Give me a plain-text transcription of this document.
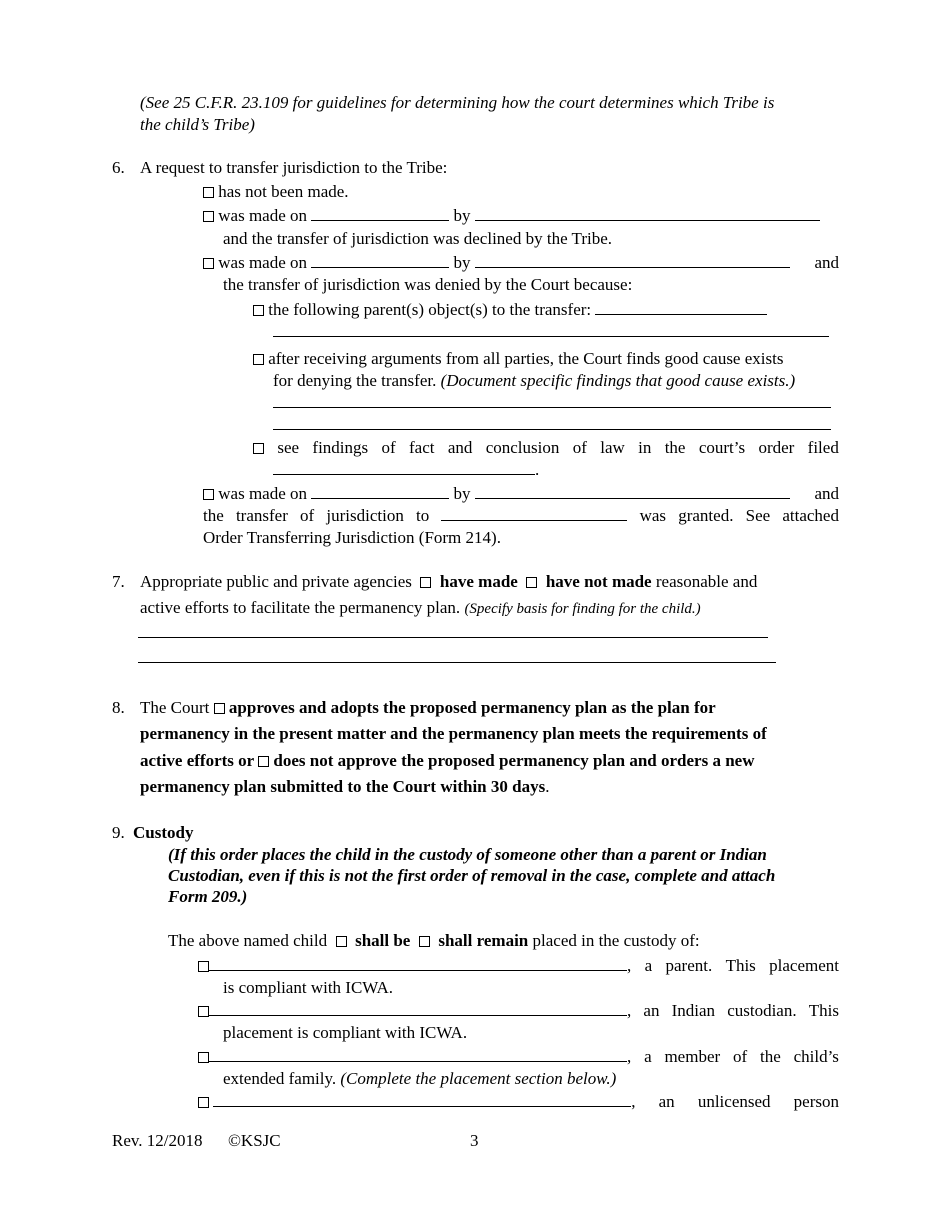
(See 25 C.F.R. 23.109 for guidelines for determining how the court determines which Tribe is
the child’s Tribe)
6. A request to transfer jurisdiction to the Tribe:
has not been made.
was made on	by
and the transfer of jurisdiction was declined by the Tribe.
was made on	by	and
the transfer of jurisdiction was denied by the Court because:
the following parent(s) object(s) to the transfer:
after receiving arguments from all parties, the Court finds good cause exists
for denying the transfer. (Document specific findings that good cause exists.)
see findings of fact and conclusion of law in the court’s order filed
.
was made on	by	and
the transfer of jurisdiction to	was granted. See attached
Order Transferring Jurisdiction (Form 214).
7. Appropriate public and private agencies have made have not made reasonable and
active efforts to facilitate the permanency plan. (Specify basis for finding for the child.)
8. The Court approves and adopts the proposed permanency plan as the plan for
permanency in the present matter and the permanency plan meets the requirements of
active efforts or does not approve the proposed permanency plan and orders a new
permanency plan submitted to the Court within 30 days.
9. Custody
(If this order places the child in the custody of someone other than a parent or Indian
Custodian, even if this is not the first order of removal in the case, complete and attach
Form 209.)
The above named child shall be shall remain placed in the custody of:
, a parent. This placement
is compliant with ICWA.
, an Indian custodian. This
placement is compliant with ICWA.
, a member of the child’s
extended family. (Complete the placement section below.)
, an unlicensed person
Rev. 12/2018 ©KSJC	3
